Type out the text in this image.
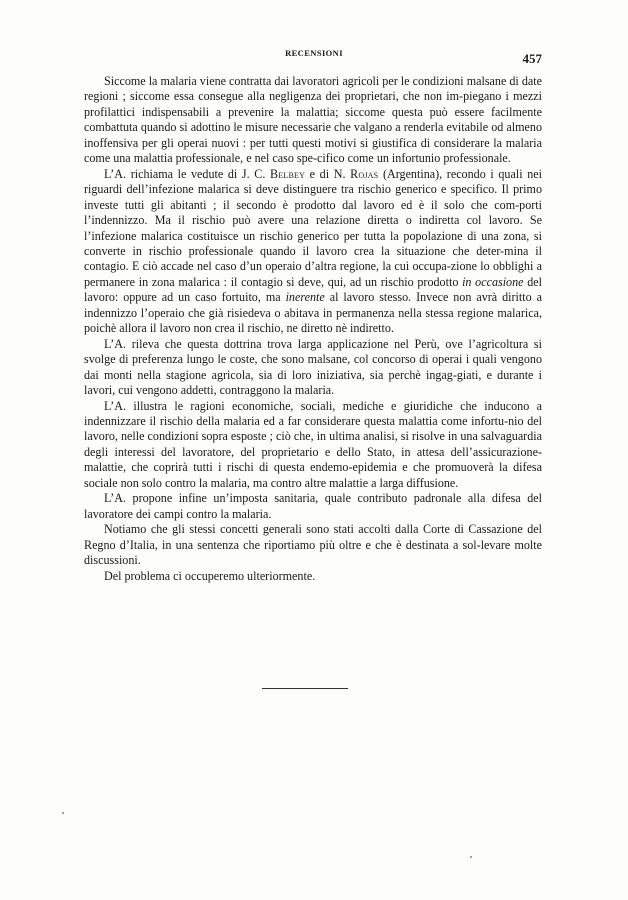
RECENSIONI	457

Siccome la malaria viene contratta dai lavoratori agricoli per le condizioni malsane di date regioni ; siccome essa consegue alla negligenza dei proprietari, che non im-piegano i mezzi profilattici indispensabili a prevenire la malattia; siccome questa può essere facilmente combattuta quando si adottino le misure necessarie che valgano a renderla evitabile od almeno inoffensiva per gli operai nuovi : per tutti questi motivi si giustifica di considerare la malaria come una malattia professionale, e nel caso spe-cifico come un infortunio professionale.

L’A. richiama le vedute di J. C. Belbey e di N. Rojas (Argentina), recondo i quali nei riguardi dell’infezione malarica si deve distinguere tra rischio generico e specifico. Il primo investe tutti gli abitanti ; il secondo è prodotto dal lavoro ed è il solo che com-porti l’indennizzo. Ma il rischio può avere una relazione diretta o indiretta col lavoro. Se l’infezione malarica costituisce un rischio generico per tutta la popolazione di una zona, si converte in rischio professionale quando il lavoro crea la situazione che deter-mina il contagio. E ciò accade nel caso d’un operaio d’altra regione, la cui occupa-zione lo obblighi a permanere in zona malarica : il contagio si deve, qui, ad un rischio prodotto in occasione del lavoro: oppure ad un caso fortuito, ma inerente al lavoro stesso. Invece non avrà diritto a indennizzo l’operaio che già risiedeva o abitava in permanenza nella stessa regione malarica, poichè allora il lavoro non crea il rischio, ne diretto nè indiretto.

L’A. rileva che questa dottrina trova larga applicazione nel Perù, ove l’agricoltura si svolge di preferenza lungo le coste, che sono malsane, col concorso di operai i quali vengono dai monti nella stagione agricola, sia di loro iniziativa, sia perchè ingag-giati, e durante i lavori, cui vengono addetti, contraggono la malaria.

L’A. illustra le ragioni economiche, sociali, mediche e giuridiche che inducono a indennizzare il rischio della malaria ed a far considerare questa malattia come infortu-nio del lavoro, nelle condizioni sopra esposte ; ciò che, in ultima analisi, si risolve in una salvaguardia degli interessi del lavoratore, del proprietario e dello Stato, in attesa dell’assicurazione-malattie, che coprirà tutti i rischi di questa endemo-epidemia e che promuoverà la difesa sociale non solo contro la malaria, ma contro altre malattie a larga diffusione.

L’A. propone infine un’imposta sanitaria, quale contributo padronale alla difesa del lavoratore dei campi contro la malaria.

Notiamo che gli stessi concetti generali sono stati accolti dalla Corte di Cassazione del Regno d’Italia, in una sentenza che riportiamo più oltre e che è destinata a sol-levare molte discussioni.

Del problema ci occuperemo ulteriormente.
